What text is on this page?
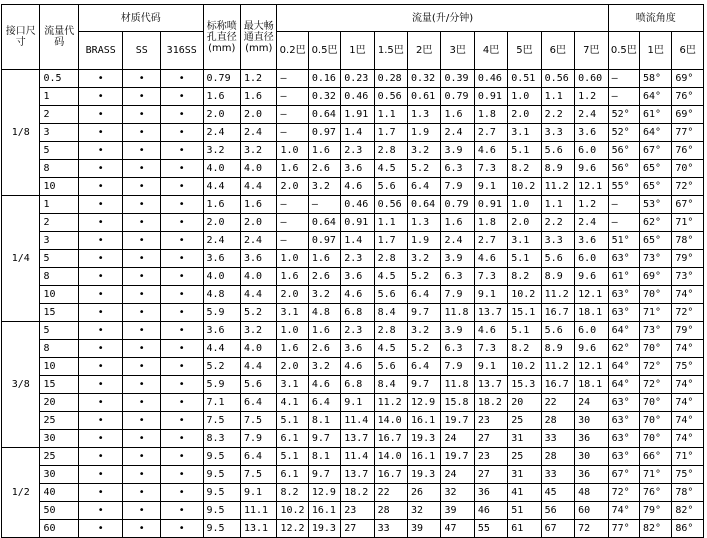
接口尺寸	流量代码	材质代码			标称喷孔直径(mm)	最大畅通直径(mm)	流量(升/分钟)										喷流角度		
		BRASS	SS	316SS			0.2巴	0.5巴	1巴	1.5巴	2巴	3巴	4巴	5巴	6巴	7巴	0.5巴	1巴	6巴
1/8	0.5	•	•	•	0.79	1.2	—	0.16	0.23	0.28	0.32	0.39	0.46	0.51	0.56	0.60	—	58°	69°
	1	•	•	•	1.6	1.6	—	0.32	0.46	0.56	0.61	0.79	0.91	1.0	1.1	1.2	—	64°	76°
	2	•	•	•	2.0	2.0	—	0.64	1.91	1.1	1.3	1.6	1.8	2.0	2.2	2.4	52°	61°	69°
	3	•	•	•	2.4	2.4	—	0.97	1.4	1.7	1.9	2.4	2.7	3.1	3.3	3.6	52°	64°	77°
	5	•	•	•	3.2	3.2	1.0	1.6	2.3	2.8	3.2	3.9	4.6	5.1	5.6	6.0	56°	67°	76°
	8	•	•	•	4.0	4.0	1.6	2.6	3.6	4.5	5.2	6.3	7.3	8.2	8.9	9.6	56°	65°	70°
	10	•	•	•	4.4	4.4	2.0	3.2	4.6	5.6	6.4	7.9	9.1	10.2	11.2	12.1	55°	65°	72°
1/4	1	•	•	•	1.6	1.6	—	—	0.46	0.56	0.64	0.79	0.91	1.0	1.1	1.2	—	53°	67°
	2	•	•	•	2.0	2.0	—	0.64	0.91	1.1	1.3	1.6	1.8	2.0	2.2	2.4	—	62°	71°
	3	•	•	•	2.4	2.4	—	0.97	1.4	1.7	1.9	2.4	2.7	3.1	3.3	3.6	51°	65°	78°
	5	•	•	•	3.6	3.6	1.0	1.6	2.3	2.8	3.2	3.9	4.6	5.1	5.6	6.0	63°	73°	79°
	8	•	•	•	4.0	4.0	1.6	2.6	3.6	4.5	5.2	6.3	7.3	8.2	8.9	9.6	61°	69°	73°
	10	•	•	•	4.8	4.4	2.0	3.2	4.6	5.6	6.4	7.9	9.1	10.2	11.2	12.1	63°	70°	74°
	15	•	•	•	5.9	5.2	3.1	4.8	6.8	8.4	9.7	11.8	13.7	15.1	16.7	18.1	63°	71°	72°
3/8	5	•	•	•	3.6	3.2	1.0	1.6	2.3	2.8	3.2	3.9	4.6	5.1	5.6	6.0	64°	73°	79°
	8	•	•	•	4.4	4.0	1.6	2.6	3.6	4.5	5.2	6.3	7.3	8.2	8.9	9.6	62°	70°	74°
	10	•	•	•	5.2	4.4	2.0	3.2	4.6	5.6	6.4	7.9	9.1	10.2	11.2	12.1	64°	72°	75°
	15	•	•	•	5.9	5.6	3.1	4.6	6.8	8.4	9.7	11.8	13.7	15.3	16.7	18.1	64°	72°	74°
	20	•	•	•	7.1	6.4	4.1	6.4	9.1	11.2	12.9	15.8	18.2	20	22	24	63°	70°	74°
	25	•	•	•	7.5	7.5	5.1	8.1	11.4	14.0	16.1	19.7	23	25	28	30	63°	70°	74°
	30	•	•	•	8.3	7.9	6.1	9.7	13.7	16.7	19.3	24	27	31	33	36	63°	70°	74°
1/2	25	•	•	•	9.5	6.4	5.1	8.1	11.4	14.0	16.1	19.7	23	25	28	30	63°	66°	71°
	30	•	•	•	9.5	7.5	6.1	9.7	13.7	16.7	19.3	24	27	31	33	36	67°	71°	75°
	40	•	•	•	9.5	9.1	8.2	12.9	18.2	22	26	32	36	41	45	48	72°	76°	78°
	50	•	•	•	9.5	11.1	10.2	16.1	23	28	32	39	46	51	56	60	74°	79°	82°
	60	•	•	•	9.5	13.1	12.2	19.3	27	33	39	47	55	61	67	72	77°	82°	86°
